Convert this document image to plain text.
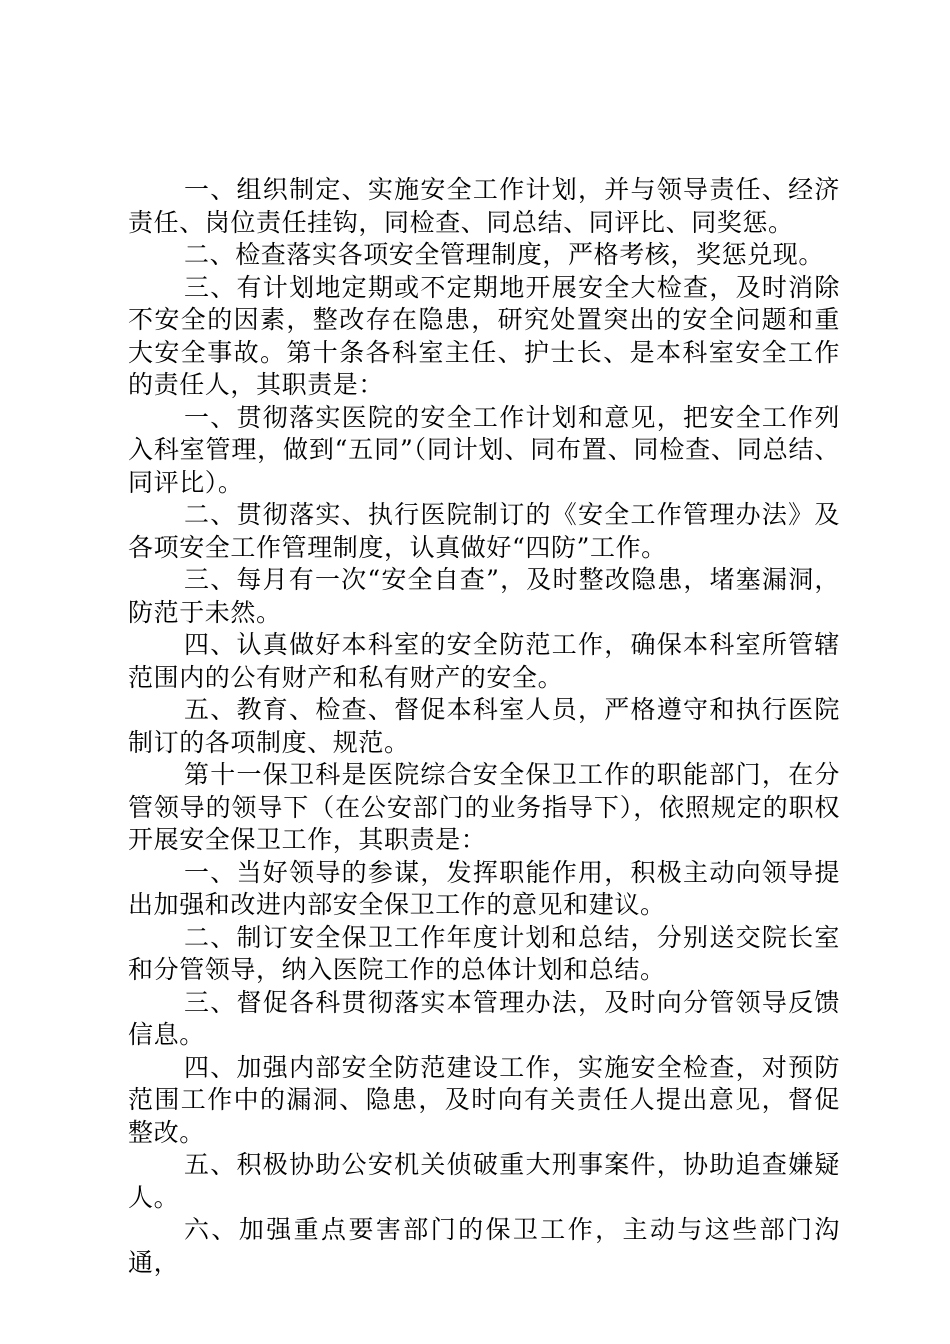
一、组织制定、实施安全工作计划，并与领导责任、经济责任、岗位责任挂钩，同检查、同总结、同评比、同奖惩。

二、检查落实各项安全管理制度，严格考核，奖惩兑现。

三、有计划地定期或不定期地开展安全大检查，及时消除不安全的因素，整改存在隐患，研究处置突出的安全问题和重大安全事故。第十条各科室主任、护士长、是本科室安全工作的责任人，其职责是：

一、贯彻落实医院的安全工作计划和意见，把安全工作列入科室管理，做到“五同”（同计划、同布置、同检查、同总结、同评比）。

二、贯彻落实、执行医院制订的《安全工作管理办法》及各项安全工作管理制度，认真做好“四防”工作。

三、每月有一次“安全自查”，及时整改隐患，堵塞漏洞，防范于未然。

四、认真做好本科室的安全防范工作，确保本科室所管辖范围内的公有财产和私有财产的安全。

五、教育、检查、督促本科室人员，严格遵守和执行医院制订的各项制度、规范。

第十一保卫科是医院综合安全保卫工作的职能部门，在分管领导的领导下（在公安部门的业务指导下），依照规定的职权开展安全保卫工作，其职责是：

一、当好领导的参谋，发挥职能作用，积极主动向领导提出加强和改进内部安全保卫工作的意见和建议。

二、制订安全保卫工作年度计划和总结，分别送交院长室和分管领导，纳入医院工作的总体计划和总结。

三、督促各科贯彻落实本管理办法，及时向分管领导反馈信息。

四、加强内部安全防范建设工作，实施安全检查，对预防范围工作中的漏洞、隐患，及时向有关责任人提出意见，督促整改。

五、积极协助公安机关侦破重大刑事案件，协助追查嫌疑人。

六、加强重点要害部门的保卫工作，主动与这些部门沟通，
